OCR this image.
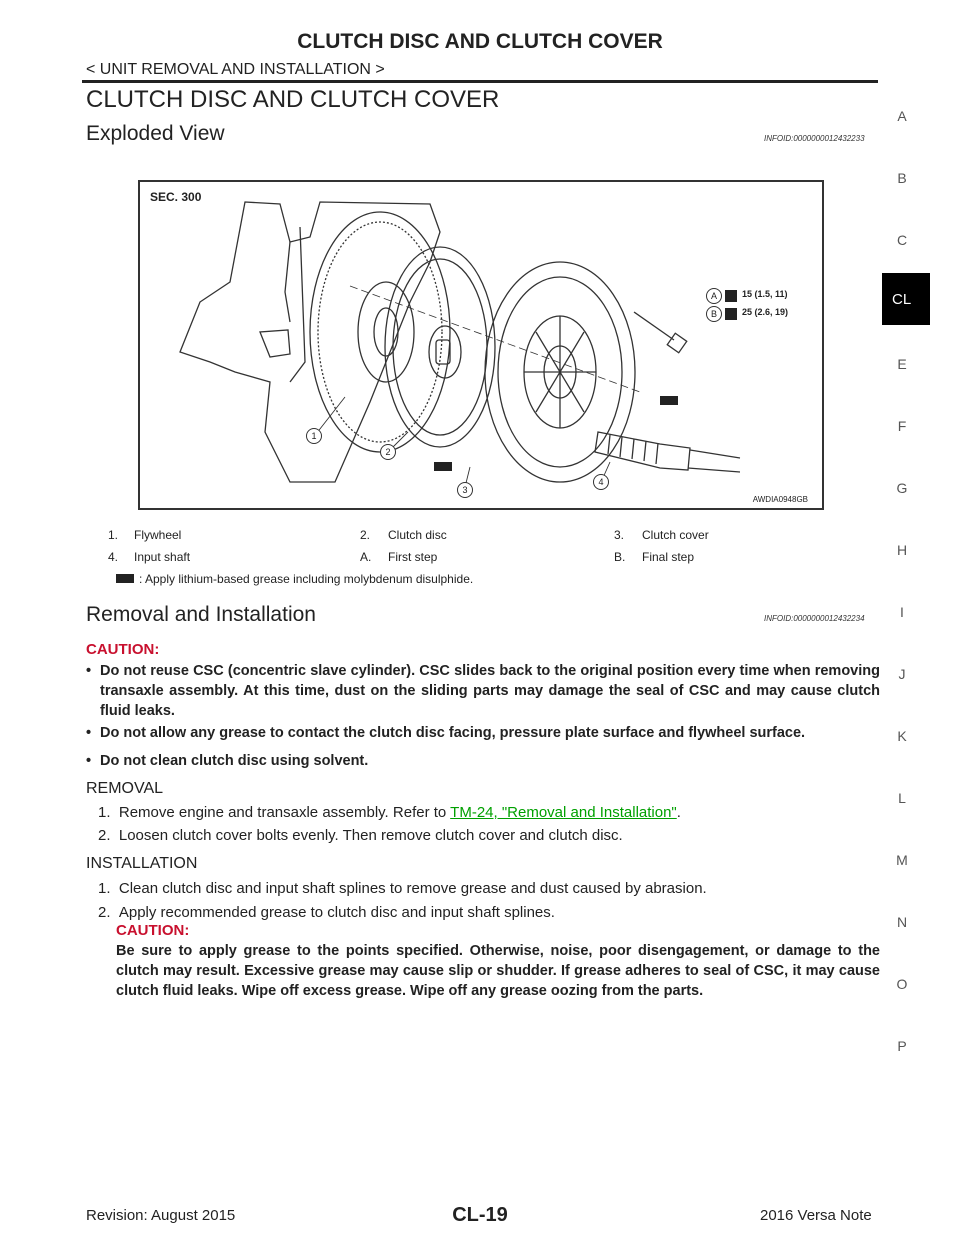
CLUTCH DISC AND CLUTCH COVER
< UNIT REMOVAL AND INSTALLATION >
CLUTCH DISC AND CLUTCH COVER
A
B
C
CL
E
F
G
H
I
J
K
L
M
N
O
P
Exploded View	INFOID:0000000012432233
SEC. 300
1
2
3
4
A	15 (1.5, 11)
B	25 (2.6, 19)
AWDIA0948GB
1. Flywheel	2. Clutch disc	3. Clutch cover
4. Input shaft	A. First step	B. Final step
: Apply lithium-based grease including molybdenum disulphide.
Removal and Installation	INFOID:0000000012432234
CAUTION:
• Do not reuse CSC (concentric slave cylinder). CSC slides back to the original position every time when removing transaxle assembly. At this time, dust on the sliding parts may damage the seal of CSC and may cause clutch fluid leaks.
• Do not allow any grease to contact the clutch disc facing, pressure plate surface and flywheel surface.
• Do not clean clutch disc using solvent.
REMOVAL
1.  Remove engine and transaxle assembly. Refer to TM-24, "Removal and Installation".
2.  Loosen clutch cover bolts evenly. Then remove clutch cover and clutch disc.
INSTALLATION
1.  Clean clutch disc and input shaft splines to remove grease and dust caused by abrasion.
2.  Apply recommended grease to clutch disc and input shaft splines.
CAUTION:
Be sure to apply grease to the points specified. Otherwise, noise, poor disengagement, or damage to the clutch may result. Excessive grease may cause slip or shudder. If grease adheres to seal of CSC, it may cause clutch fluid leaks. Wipe off excess grease. Wipe off any grease oozing from the parts.
Revision: August 2015	CL-19	2016 Versa Note
